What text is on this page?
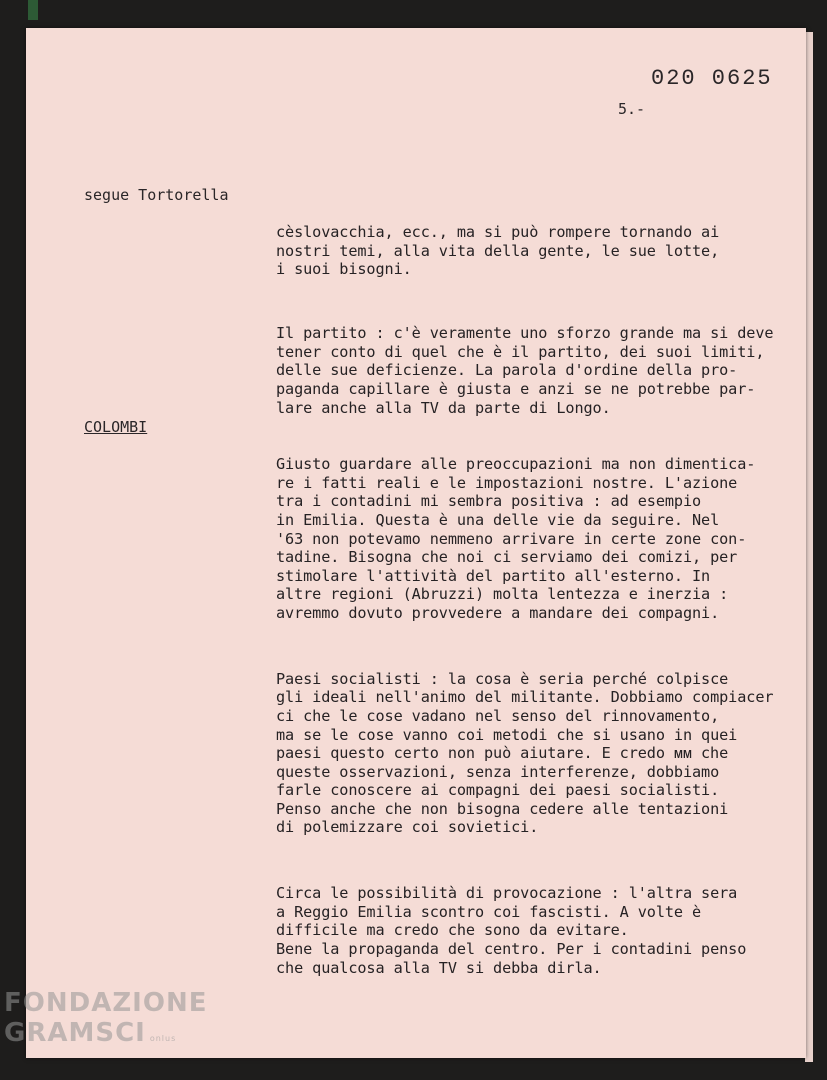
020 0625
5.-
segue Tortorella

cèslovacchia, ecc., ma si può rompere tornando ai
nostri temi, alla vita della gente, le sue lotte,
i suoi bisogni.

Il partito : c'è veramente uno sforzo grande ma si deve
tener conto di quel che è il partito, dei suoi limiti,
delle sue deficienze. La parola d'ordine della pro-
paganda capillare è giusta e anzi se ne potrebbe par-
lare anche alla TV da parte di Longo.

COLOMBI

Giusto guardare alle preoccupazioni ma non dimentica-
re i fatti reali e le impostazioni nostre. L'azione
tra i contadini mi sembra positiva : ad esempio
in Emilia. Questa è una delle vie da seguire. Nel
'63 non potevamo nemmeno arrivare in certe zone con-
tadine. Bisogna che noi ci serviamo dei comizi, per
stimolare l'attività del partito all'esterno. In
altre regioni (Abruzzi) molta lentezza e inerzia :
avremmo dovuto provvedere a mandare dei compagni.

Paesi socialisti : la cosa è seria perché colpisce
gli ideali nell'animo del militante. Dobbiamo compiacer
ci che le cose vadano nel senso del rinnovamento,
ma se le cose vanno coi metodi che si usano in quei
paesi questo certo non può aiutare. E credo ᴍᴍ che
queste osservazioni, senza interferenze, dobbiamo
farle conoscere ai compagni dei paesi socialisti.
Penso anche che non bisogna cedere alle tentazioni
di polemizzare coi sovietici.

Circa le possibilità di provocazione : l'altra sera
a Reggio Emilia scontro coi fascisti. A volte è
difficile ma credo che sono da evitare.
Bene la propaganda del centro. Per i contadini penso
che qualcosa alla TV si debba dirla.

FONDAZIONE
GRAMSCI onlus
